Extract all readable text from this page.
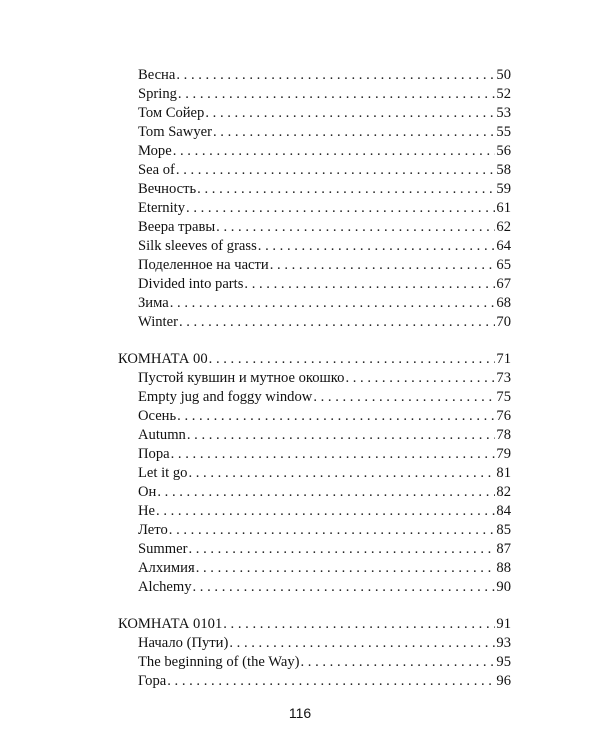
Весна . . .	50
Spring . . .	52
Том Сойер . . .	53
Tom Sawyer . . .	55
Море . . .	56
Sea of . . .	58
Вечность . . .	59
Eternity . . .	61
Веера травы . . .	62
Silk sleeves of grass . . .	64
Поделенное на части . . .	65
Divided into parts . . .	67
Зима . . .	68
Winter . . .	70
КОМНАТА 00 . . .	71
Пустой кувшин и мутное окошко . . .	73
Empty jug and foggy window . . .	75
Осень . . .	76
Autumn . . .	78
Пора . . .	79
Let it go . . .	81
Он . . .	82
Не . . .	84
Лето . . .	85
Summer . . .	87
Алхимия . . .	88
Alchemy . . .	90
КОМНАТА 0101 . . .	91
Начало (Пути) . . .	93
The beginning of (the Way) . . .	95
Гора . . .	96
116
